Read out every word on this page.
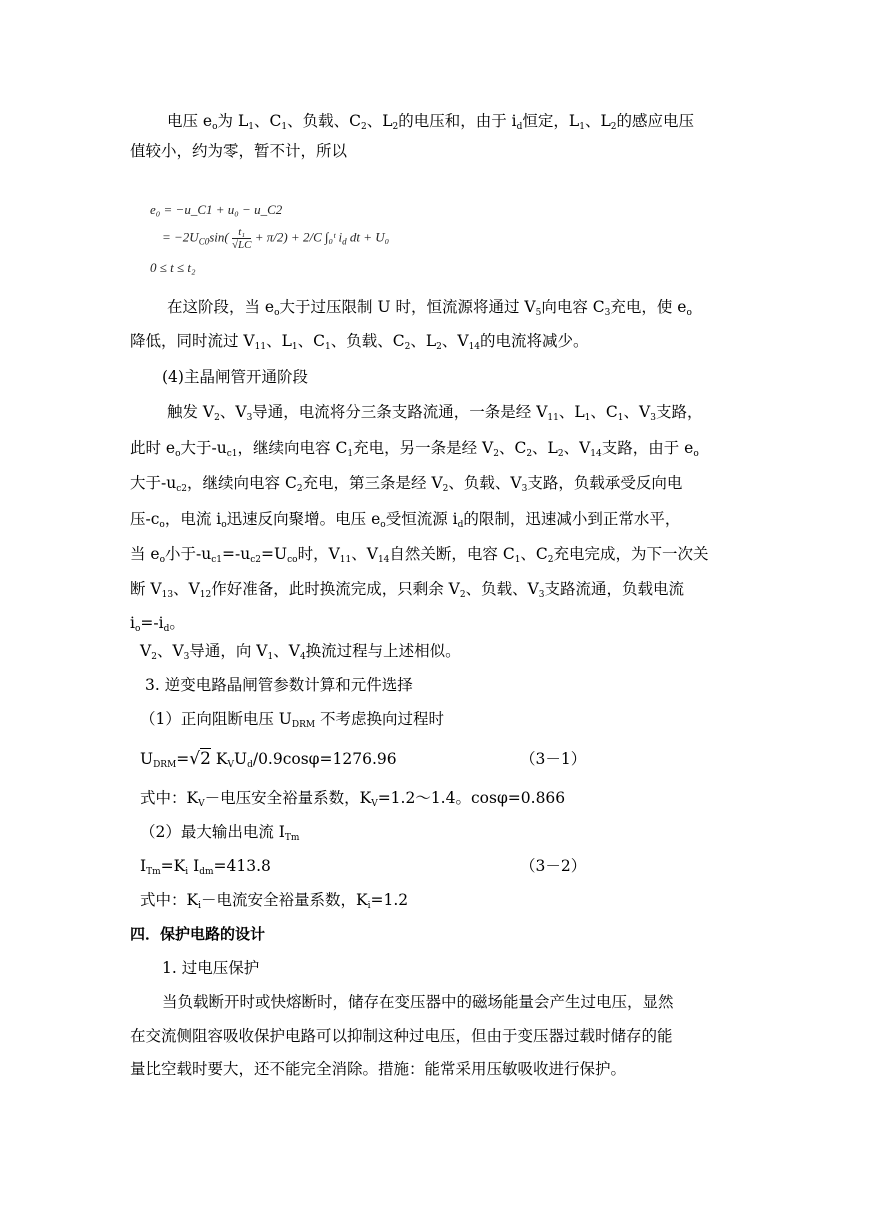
电压 $e_o$为 $L_1$、$C_1$、负载、$C_2$、$L_2$的电压和，由于 $i_d$恒定，$L_1$、$L_2$的感应电压
值较小，约为零，暂不计，所以
e₀ = −u_C1 + u₀ − u_C2
= $-2U_{C0}\sin( \frac{\text{t₁}}{√LC} + \pi/2) + 2/C$ ∫₀ᵗ $i_d$ dt + U₀
0 ≤ t ≤ t₂
在这阶段，当 $e_o$大于过压限制 U 时，恒流源将通过 $V_5$向电容 $C_3$充电，使 $e_o$
降低，同时流过 $V_{11}$、$L_1$、$C_1$、负载、$C_2$、$L_2$、$V_{14}$的电流将减少。
(4)主晶闸管开通阶段
触发 $V_2$、$V_3$导通，电流将分三条支路流通，一条是经 $V_{11}$、$L_1$、$C_1$、$V_3$支路，
此时 $e_o$大于$-u_{c1}$，继续向电容 $C_1$充电，另一条是经 $V_2$、$C_2$、$L_2$、$V_{14}$支路，由于 $e_o$
大于$-u_{c2}$，继续向电容 $C_2$充电，第三条是经 $V_2$、负载、$V_3$支路，负载承受反向电
压$-c_o$，电流 $i_o$迅速反向聚增。电压 $e_o$受恒流源 $i_d$的限制，迅速减小到正常水平，
当 $e_o$小于$-u_{c1}=-u_{c2}=U_{co}$时，$V_{11}$、$V_{14}$自然关断，电容 $C_1$、$C_2$充电完成，为下一次关
断 $V_{13}$、$V_{12}$作好准备，此时换流完成，只剩余 $V_2$、负载、$V_3$支路流通，负载电流
$i_o=-i_d$。
$V_2$、$V_3$导通，向 $V_1$、$V_4$换流过程与上述相似。
3. 逆变电路晶闸管参数计算和元件选择
（1）正向阻断电压 $U_{DRM}$ 不考虑换向过程时
$U_{DRM}=√2$ $K_VU_d/0.9\cos\varphi=1276.96$	（3－1）
式中：$K_V-$电压安全裕量系数，$K_V=1.2\sim 1.4$。cosφ=0.866
（2）最大输出电流 $I_{Tm}$
$I_{Tm}=K_i$ $I_{dm}=413.8$	（3－2）
式中：$K_i-$电流安全裕量系数，$K_i=1.2$
四．保护电路的设计
1. 过电压保护
当负载断开时或快熔断时，储存在变压器中的磁场能量会产生过电压，显然
在交流侧阻容吸收保护电路可以抑制这种过电压，但由于变压器过载时储存的能
量比空载时要大，还不能完全消除。措施：能常采用压敏吸收进行保护。
